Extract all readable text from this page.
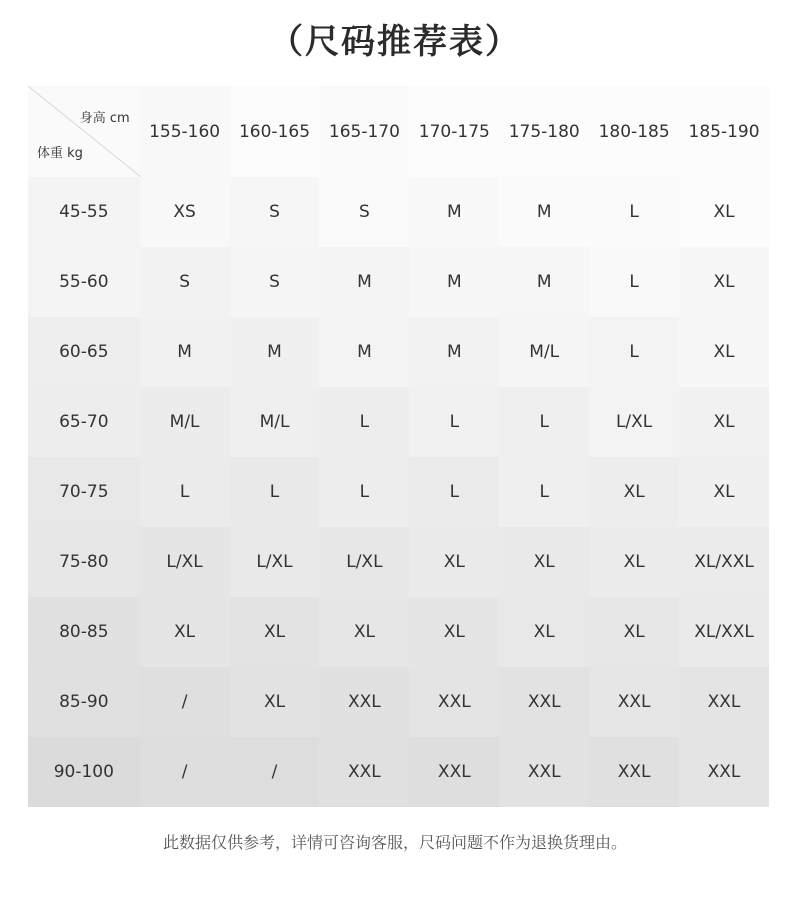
（尺码推荐表）
身高 cm
体重 kg
155-160	160-165	165-170	170-175	175-180	180-185	185-190
45-55	XS	S	S	M	M	L	XL
55-60	S	S	M	M	M	L	XL
60-65	M	M	M	M	M/L	L	XL
65-70	M/L	M/L	L	L	L	L/XL	XL
70-75	L	L	L	L	L	XL	XL
75-80	L/XL	L/XL	L/XL	XL	XL	XL	XL/XXL
80-85	XL	XL	XL	XL	XL	XL	XL/XXL
85-90	/	XL	XXL	XXL	XXL	XXL	XXL
90-100	/	/	XXL	XXL	XXL	XXL	XXL
此数据仅供参考，详情可咨询客服，尺码问题不作为退换货理由。
